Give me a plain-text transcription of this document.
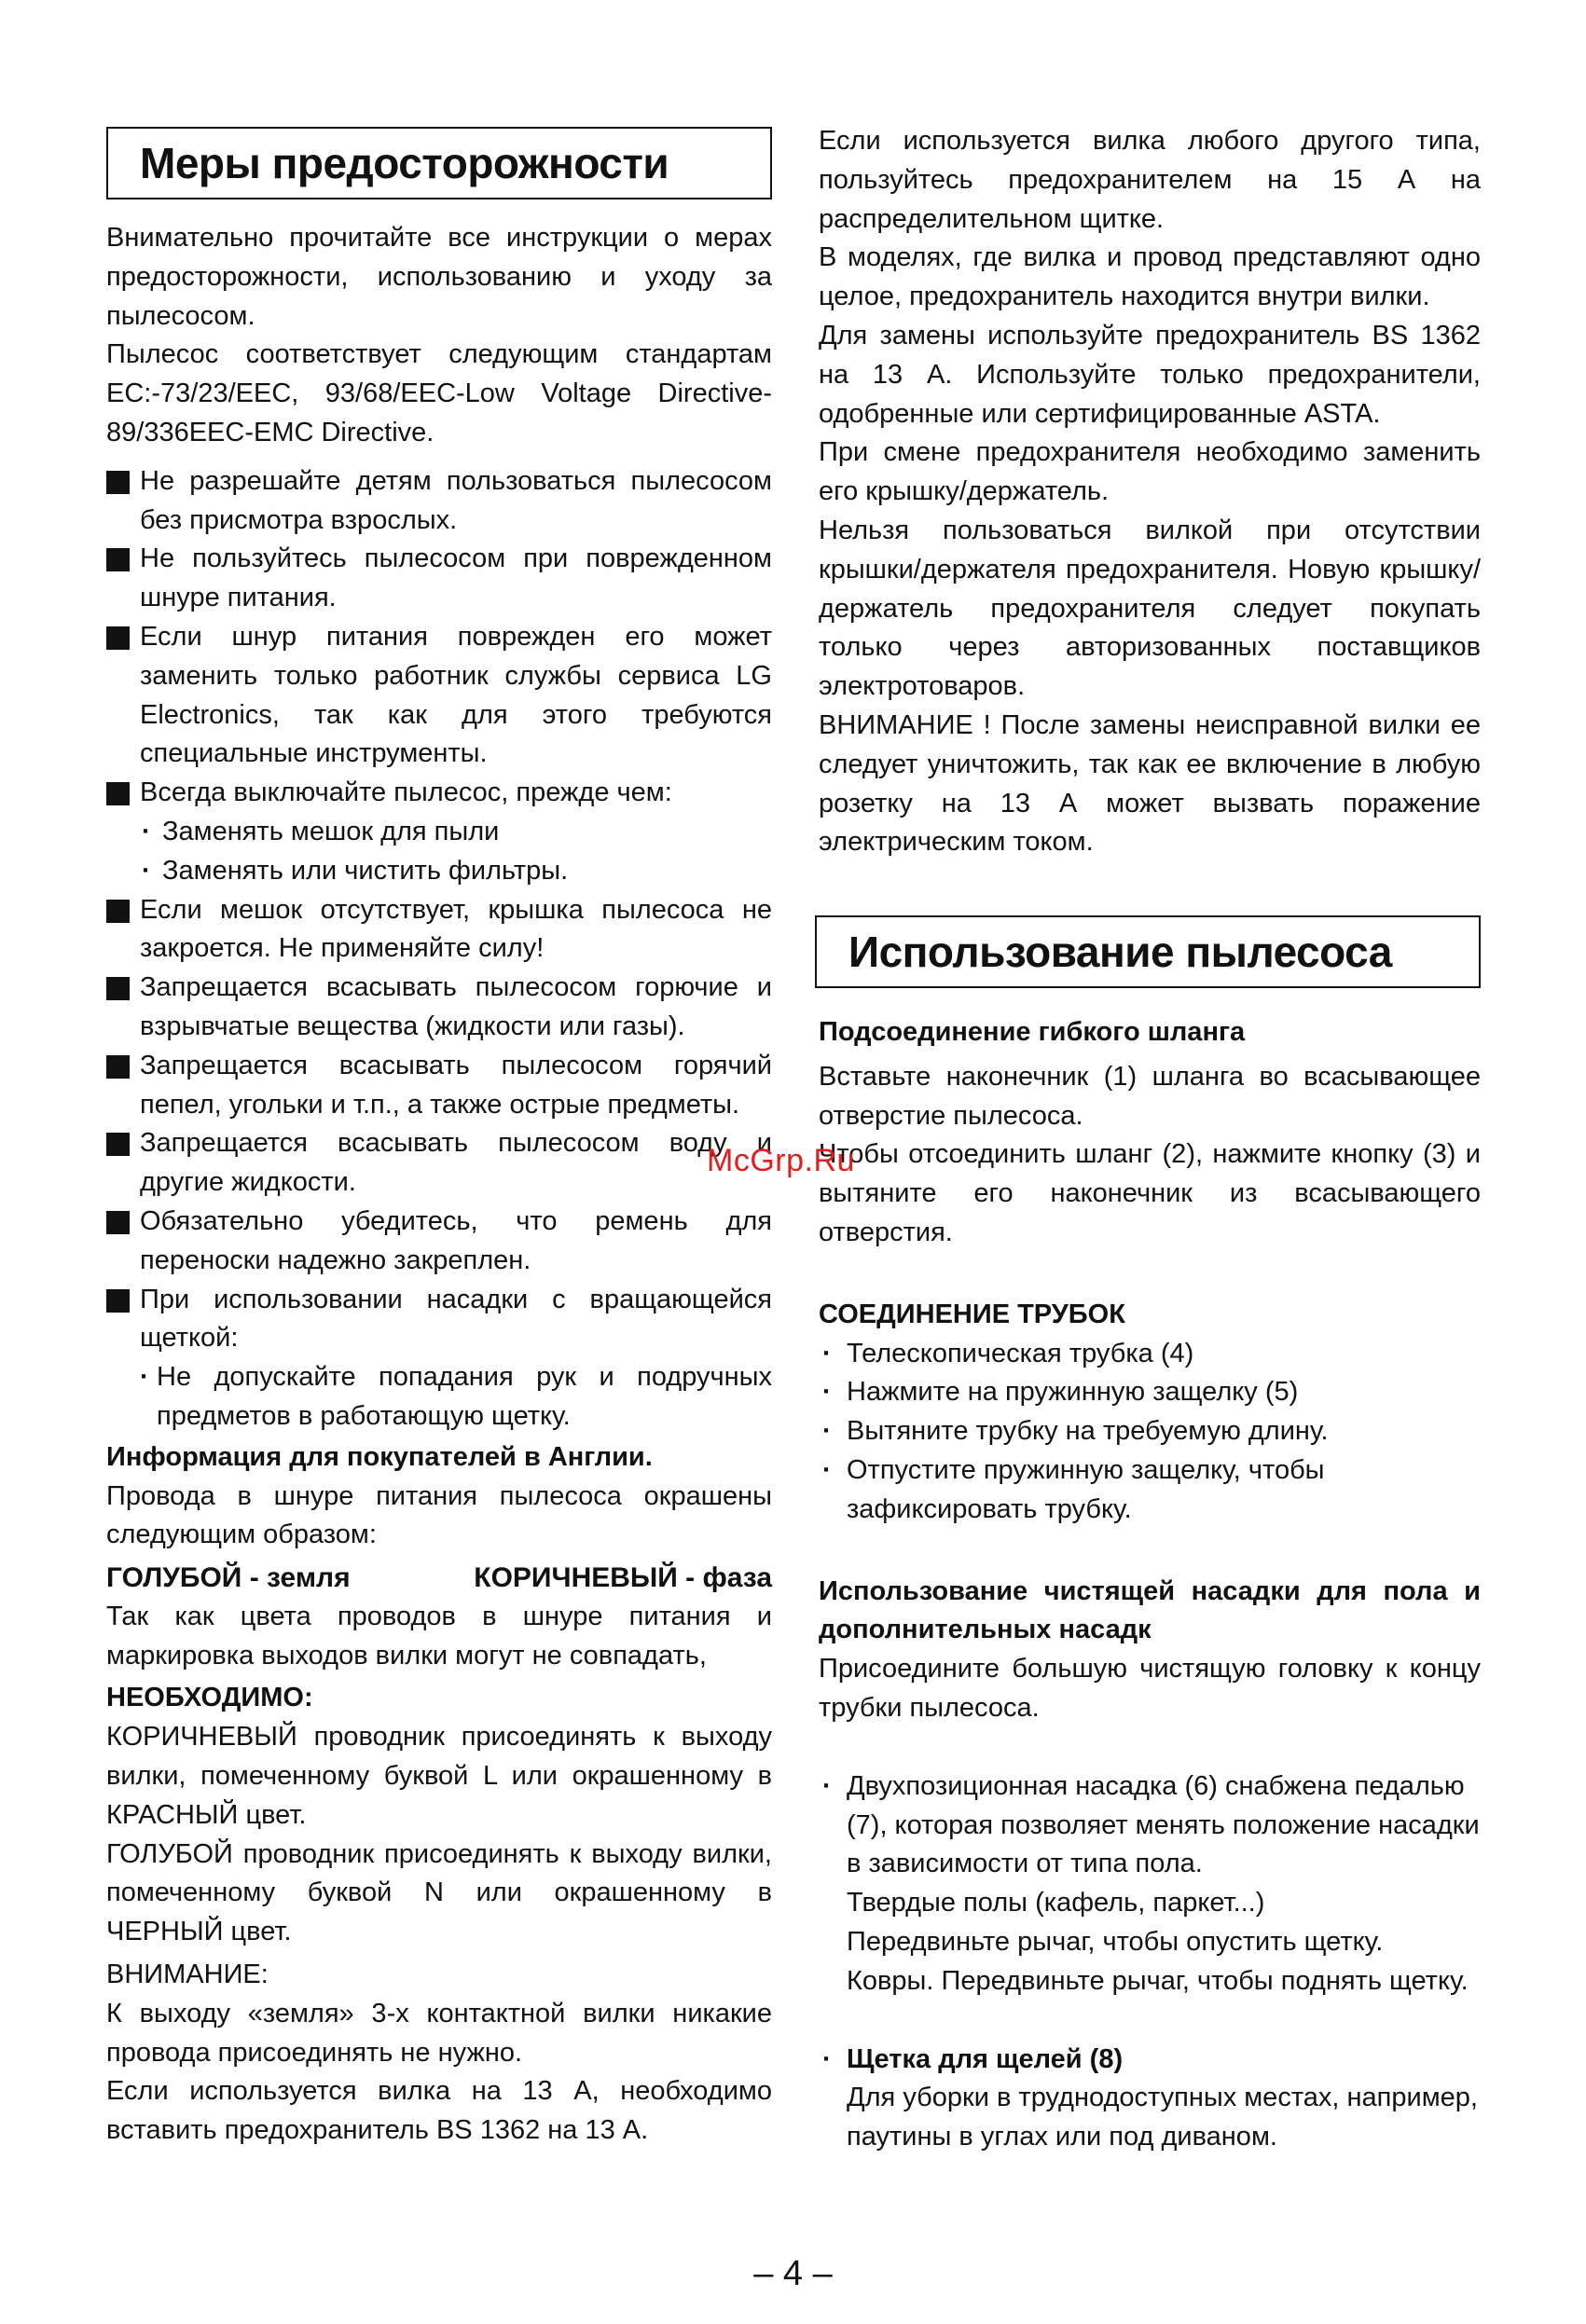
Меры предосторожности

Внимательно прочитайте все инструкции о мерах предосторожности, использованию и уходу за пылесосом.

Пылесос соответствует следующим стандартам EC:-73/23/EEC, 93/68/EEC-Low Voltage Directive-89/336EEC-EMC Directive.

Не разрешайте детям пользоваться пылесосом без присмотра взрослых.
Не пользуйтесь пылесосом при поврежденном шнуре питания.
Если шнур питания поврежден его может заменить только работник службы сервиса LG Electronics, так как для этого требуются специальные инструменты.
Всегда выключайте пылесос, прежде чем:
· Заменять мешок для пыли
· Заменять или чистить фильтры.
Если мешок отсутствует, крышка пылесоса не закроется. Не применяйте силу!
Запрещается всасывать пылесосом горючие и взрывчатые вещества (жидкости или газы).
Запрещается всасывать пылесосом горячий пепел, угольки и т.п., а также острые предметы.
Запрещается всасывать пылесосом воду и другие жидкости.
Обязательно убедитесь, что ремень для переноски надежно закреплен.
При использовании насадки с вращающейся щеткой:
· Не допускайте попадания рук и подручных предметов в работающую щетку.

Информация для покупателей в Англии.

Провода в шнуре питания пылесоса окрашены следующим образом:

ГОЛУБОЙ - земля	КОРИЧНЕВЫЙ - фаза

Так как цвета проводов в шнуре питания и маркировка выходов вилки могут не совпадать,

НЕОБХОДИМО:

КОРИЧНЕВЫЙ проводник присоединять к выходу вилки, помеченному буквой L или окрашенному в КРАСНЫЙ цвет.

ГОЛУБОЙ проводник присоединять к выходу вилки, помеченному буквой N или окрашенному в ЧЕРНЫЙ цвет.

ВНИМАНИЕ:

К выходу «земля» 3-х контактной вилки никакие провода присоединять не нужно.

Если используется вилка на 13 А, необходимо вставить предохранитель BS 1362 на 13 А.

Если используется вилка любого другого типа, пользуйтесь предохранителем на 15 А на распределительном щитке.

В моделях, где вилка и провод представляют одно целое, предохранитель находится внутри вилки.

Для замены используйте предохранитель BS 1362 на 13 А. Используйте только предохранители, одобренные или сертифицированные ASTA.

При смене предохранителя необходимо заменить его крышку/держатель.

Нельзя пользоваться вилкой при отсутствии крышки/держателя предохранителя. Новую крышку/держатель предохранителя следует покупать только через авторизованных поставщиков электротоваров.

ВНИМАНИЕ ! После замены неисправной вилки ее следует уничтожить, так как ее включение в любую розетку на 13 А может вызвать поражение электрическим током.

Использование пылесоса

Подсоединение гибкого шланга

Вставьте наконечник (1) шланга во всасывающее отверстие пылесоса.

Чтобы отсоединить шланг (2), нажмите кнопку (3) и вытяните его наконечник из всасывающего отверстия.

СОЕДИНЕНИЕ ТРУБОК

· Телескопическая трубка (4)
· Нажмите на пружинную защелку (5)
· Вытяните трубку на требуемую длину.
· Отпустите пружинную защелку, чтобы зафиксировать трубку.

Использование чистящей насадки для пола и дополнительных насадк

Присоедините большую чистящую головку к концу трубки пылесоса.

· Двухпозиционная насадка (6) снабжена педалью (7), которая позволяет менять положение насадки в зависимости от типа пола.
Твердые полы (кафель, паркет...)
Передвиньте рычаг, чтобы опустить щетку.
Ковры. Передвиньте рычаг, чтобы поднять щетку.
· Щетка для щелей (8)
Для уборки в труднодоступных местах, например, паутины в углах или под диваном.
McGrp.Ru
– 4 –
